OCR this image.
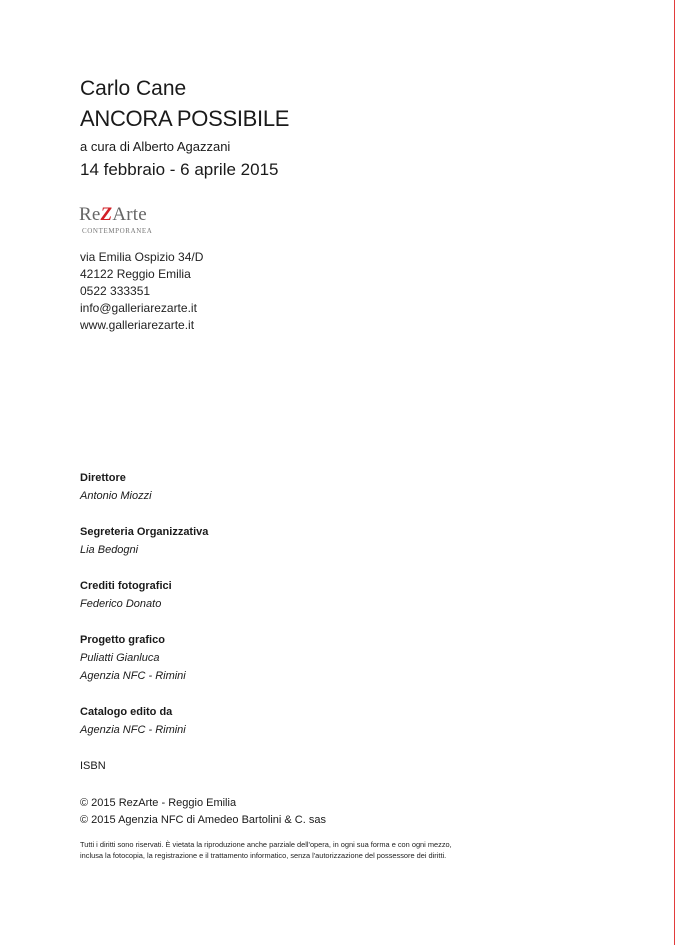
Carlo Cane
ANCORA POSSIBILE
a cura di Alberto Agazzani
14 febbraio - 6 aprile 2015
ReZArte
CONTEMPORANEA
via Emilia Ospizio 34/D
42122 Reggio Emilia
0522 333351
info@galleriarezarte.it
www.galleriarezarte.it
Direttore
Antonio Miozzi
Segreteria Organizzativa
Lia Bedogni
Crediti fotografici
Federico Donato
Progetto grafico
Puliatti Gianluca
Agenzia NFC - Rimini
Catalogo edito da
Agenzia NFC - Rimini
ISBN
© 2015 RezArte - Reggio Emilia
© 2015 Agenzia NFC di Amedeo Bartolini & C. sas
Tutti i diritti sono riservati. È vietata la riproduzione anche parziale dell'opera, in ogni sua forma e con ogni mezzo,
inclusa la fotocopia, la registrazione e il trattamento informatico, senza l'autorizzazione del possessore dei diritti.
